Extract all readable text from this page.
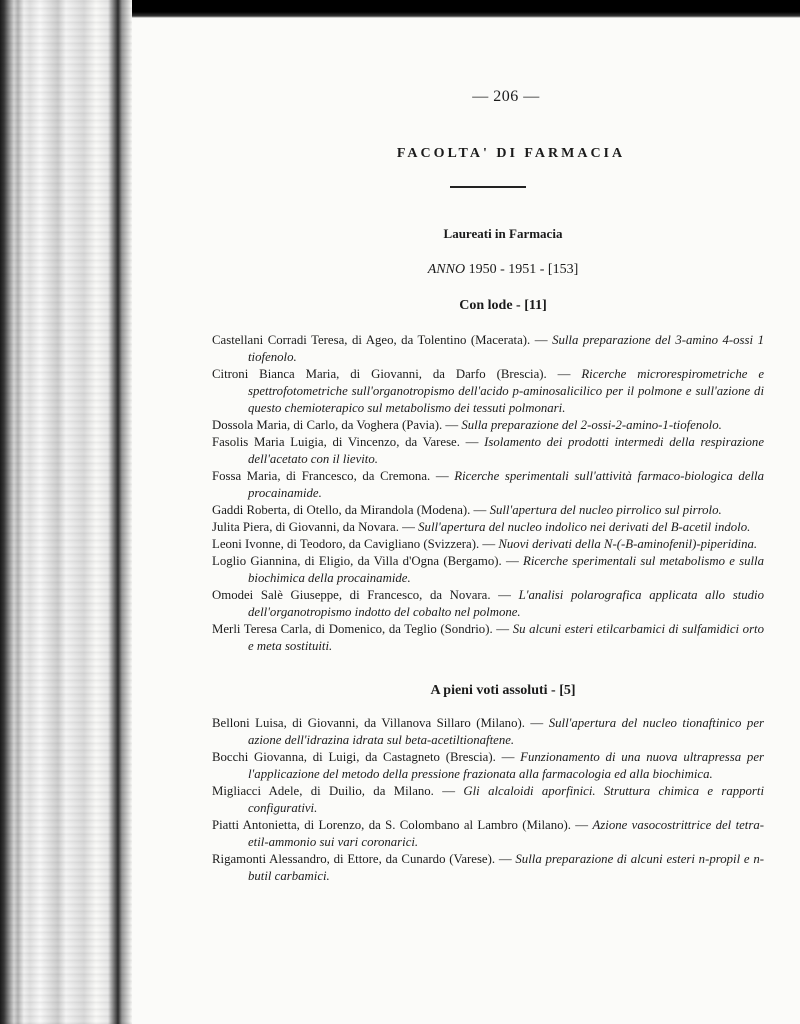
— 206 —
FACOLTA' DI FARMACIA
Laureati in Farmacia
ANNO 1950 - 1951 - [153]
Con lode - [11]

Castellani Corradi Teresa, di Ageo, da Tolentino (Macerata). — Sulla preparazione del 3-amino 4-ossi 1 tiofenolo.

Citroni Bianca Maria, di Giovanni, da Darfo (Brescia). — Ricerche microrespirometriche e spettrofotometriche sull'organotropismo dell'acido p-aminosalicilico per il polmone e sull'azione di questo chemioterapico sul metabolismo dei tessuti polmonari.

Dossola Maria, di Carlo, da Voghera (Pavia). — Sulla preparazione del 2-ossi-2-amino-1-tiofenolo.

Fasolis Maria Luigia, di Vincenzo, da Varese. — Isolamento dei prodotti intermedi della respirazione dell'acetato con il lievito.

Fossa Maria, di Francesco, da Cremona. — Ricerche sperimentali sull'attività farmaco-biologica della procainamide.

Gaddi Roberta, di Otello, da Mirandola (Modena). — Sull'apertura del nucleo pirrolico sul pirrolo.

Julita Piera, di Giovanni, da Novara. — Sull'apertura del nucleo indolico nei derivati del B-acetil indolo.

Leoni Ivonne, di Teodoro, da Cavigliano (Svizzera). — Nuovi derivati della N-(-B-aminofenil)-piperidina.

Loglio Giannina, di Eligio, da Villa d'Ogna (Bergamo). — Ricerche sperimentali sul metabolismo e sulla biochimica della procainamide.

Omodei Salè Giuseppe, di Francesco, da Novara. — L'analisi polarografica applicata allo studio dell'organotropismo indotto del cobalto nel polmone.

Merli Teresa Carla, di Domenico, da Teglio (Sondrio). — Su alcuni esteri etilcarbamici di sulfamidici orto e meta sostituiti.

A pieni voti assoluti - [5]

Belloni Luisa, di Giovanni, da Villanova Sillaro (Milano). — Sull'apertura del nucleo tionaftinico per azione dell'idrazina idrata sul beta-acetiltionaftene.

Bocchi Giovanna, di Luigi, da Castagneto (Brescia). — Funzionamento di una nuova ultrapressa per l'applicazione del metodo della pressione frazionata alla farmacologia ed alla biochimica.

Migliacci Adele, di Duilio, da Milano. — Gli alcaloidi aporfinici. Struttura chimica e rapporti configurativi.

Piatti Antonietta, di Lorenzo, da S. Colombano al Lambro (Milano). — Azione vasocostrittrice del tetra-etil-ammonio sui vari coronarici.

Rigamonti Alessandro, di Ettore, da Cunardo (Varese). — Sulla preparazione di alcuni esteri n-propil e n-butil carbamici.
